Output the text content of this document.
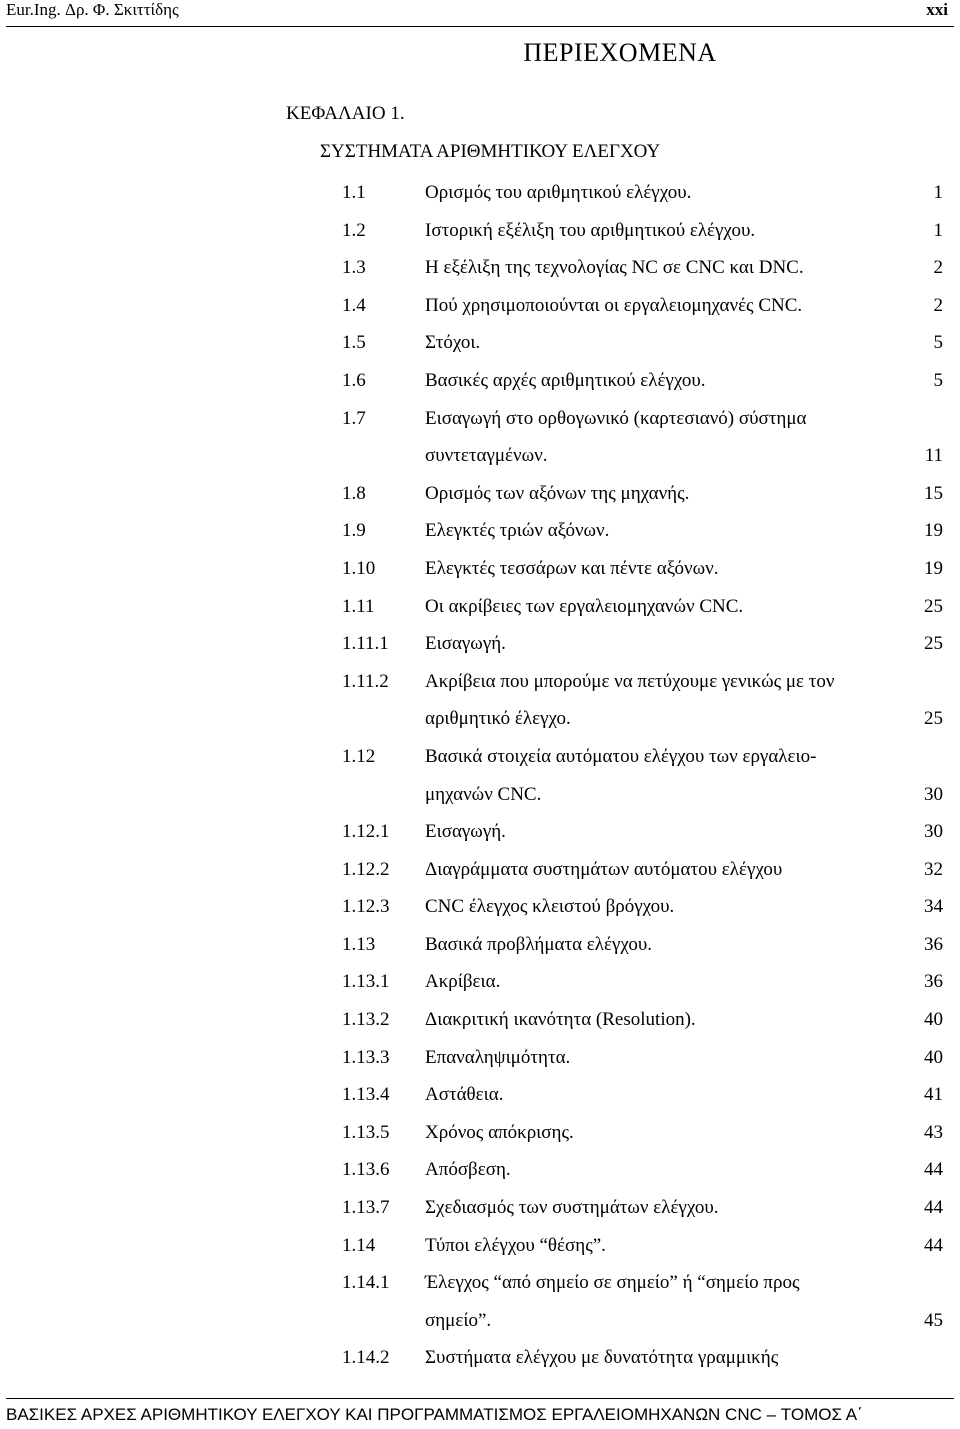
Eur.Ing. Δρ. Φ. Σκιττίδης	xxi
ΠΕΡΙΕΧΟΜΕΝΑ
ΚΕΦΑΛΑΙΟ 1.
ΣΥΣΤΗΜΑΤΑ ΑΡΙΘΜΗΤΙΚΟΥ ΕΛΕΓΧΟΥ
1.1	Ορισμός του αριθμητικού ελέγχου.	1
1.2	Ιστορική εξέλιξη του αριθμητικού ελέγχου.	1
1.3	Η εξέλιξη της τεχνολογίας NC σε CNC και DNC.	2
1.4	Πού χρησιμοποιούνται οι εργαλειομηχανές CNC.	2
1.5	Στόχοι.	5
1.6	Βασικές αρχές αριθμητικού ελέγχου.	5
1.7	Εισαγωγή στο ορθογωνικό (καρτεσιανό) σύστημα
συντεταγμένων.	11
1.8	Ορισμός των αξόνων της μηχανής.	15
1.9	Ελεγκτές τριών αξόνων.	19
1.10	Ελεγκτές τεσσάρων και πέντε αξόνων.	19
1.11	Οι ακρίβειες των εργαλειομηχανών CNC.	25
1.11.1 Εισαγωγή.	25
1.11.2 Ακρίβεια που μπορούμε να πετύχουμε γενικώς με τον
αριθμητικό έλεγχο.	25
1.12	Βασικά στοιχεία αυτόματου ελέγχου των εργαλειο-
μηχανών CNC.	30
1.12.1 Εισαγωγή.	30
1.12.2 Διαγράμματα συστημάτων αυτόματου ελέγχου	32
1.12.3 CNC έλεγχος κλειστού βρόγχου.	34
1.13	Βασικά προβλήματα ελέγχου.	36
1.13.1 Ακρίβεια.	36
1.13.2 Διακριτική ικανότητα (Resolution).	40
1.13.3 Επαναληψιμότητα.	40
1.13.4 Αστάθεια.	41
1.13.5 Χρόνος απόκρισης.	43
1.13.6 Απόσβεση.	44
1.13.7 Σχεδιασμός των συστημάτων ελέγχου.	44
1.14	Τύποι ελέγχου “θέσης”.	44
1.14.1 Έλεγχος “από σημείο σε σημείο” ή “σημείο προς
σημείο”.	45
1.14.2 Συστήματα ελέγχου με δυνατότητα γραμμικής
ΒΑΣΙΚΕΣ ΑΡΧΕΣ ΑΡΙΘΜΗΤΙΚΟΥ ΕΛΕΓΧΟΥ ΚΑΙ ΠΡΟΓΡΑΜΜΑΤΙΣΜΟΣ ΕΡΓΑΛΕΙΟΜΗΧΑΝΩΝ CNC – ΤΟΜΟΣ Α΄
